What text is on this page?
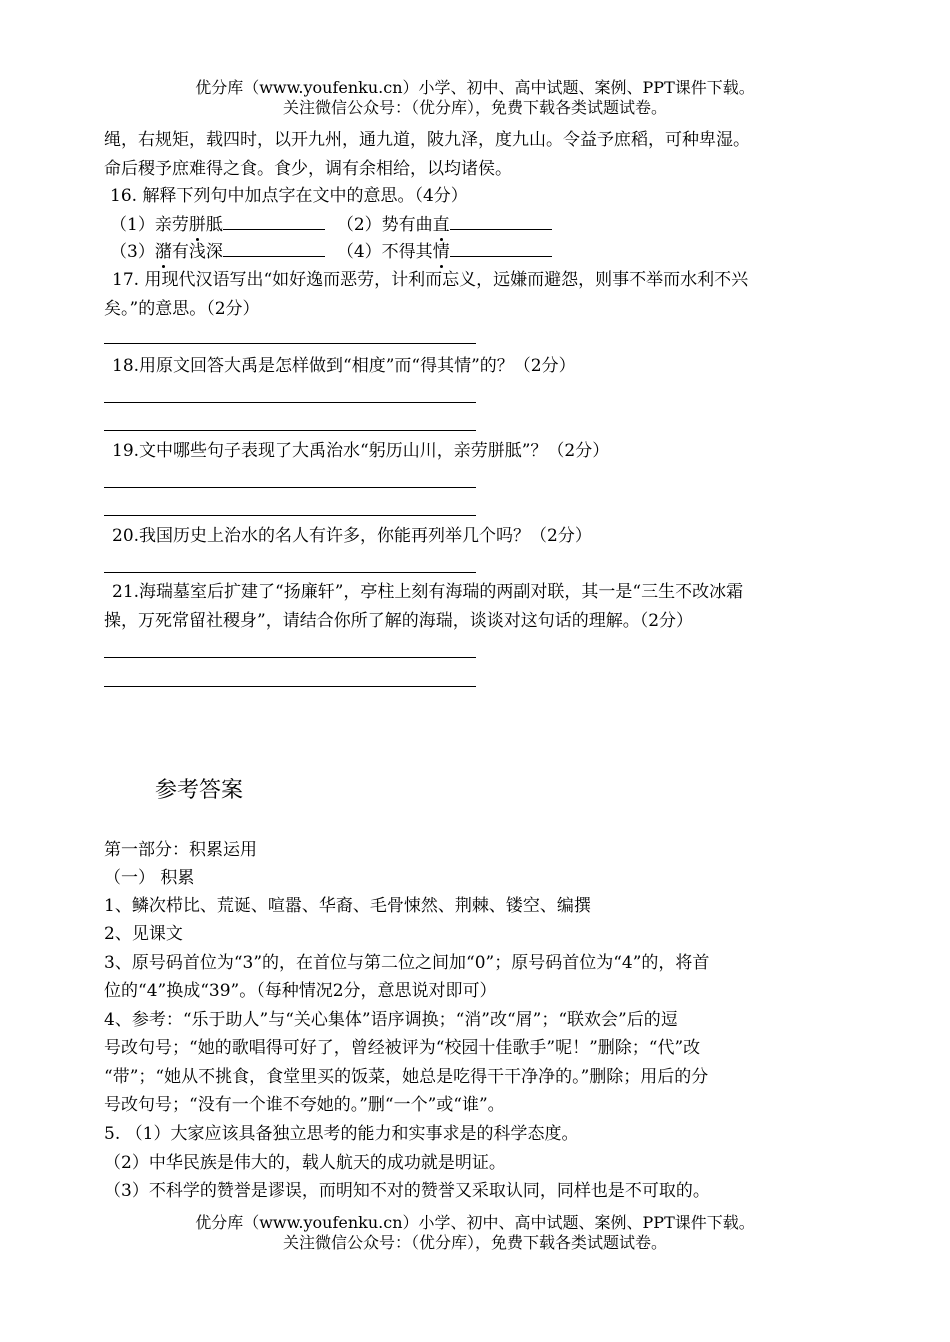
优分库（www.youfenku.cn）小学、初中、高中试题、案例、PPT课件下载。
关注微信公众号：（优分库），免费下载各类试题试卷。
绳，右规矩，载四时，以开九州，通九道，陂九泽，度九山。令益予庶稻，可种卑湿。
命后稷予庶难得之食。食少，调有余相给，以均诸侯。
16. 解释下列句中加点字在文中的意思。（4分）
（1）亲劳胼胝	（2）势有曲直
（3）潴有浅深	（4）不得其情
17. 用现代汉语写出“如好逸而恶劳，计利而忘义，远嫌而避怨，则事不举而水利不兴
矣。”的意思。（2分）
18.用原文回答大禹是怎样做到“相度”而“得其情”的？（2分）
19.文中哪些句子表现了大禹治水“躬历山川，亲劳胼胝”？（2分）
20.我国历史上治水的名人有许多，你能再列举几个吗？（2分）
21.海瑞墓室后扩建了“扬廉轩”，亭柱上刻有海瑞的两副对联，其一是“三生不改冰霜
操，万死常留社稷身”，请结合你所了解的海瑞，谈谈对这句话的理解。（2分）
参考答案
第一部分：积累运用
（一） 积累
1、鳞次栉比、荒诞、喧嚣、华裔、毛骨悚然、荆棘、镂空、编撰
2、见课文
3、原号码首位为“3”的，在首位与第二位之间加“0”；原号码首位为“4”的，将首
位的“4”换成“39”。（每种情况2分，意思说对即可）
4、参考：“乐于助人”与“关心集体”语序调换；“消”改“屑”；“联欢会”后的逗
号改句号；“她的歌唱得可好了，曾经被评为“校园十佳歌手”呢！”删除；“代”改
“带”；“她从不挑食，食堂里买的饭菜，她总是吃得干干净净的。”删除；用后的分
号改句号；“没有一个谁不夸她的。”删“一个”或“谁”。
5. （1）大家应该具备独立思考的能力和实事求是的科学态度。
（2）中华民族是伟大的，载人航天的成功就是明证。
（3）不科学的赞誉是谬误，而明知不对的赞誉又采取认同，同样也是不可取的。
优分库（www.youfenku.cn）小学、初中、高中试题、案例、PPT课件下载。
关注微信公众号：（优分库），免费下载各类试题试卷。
